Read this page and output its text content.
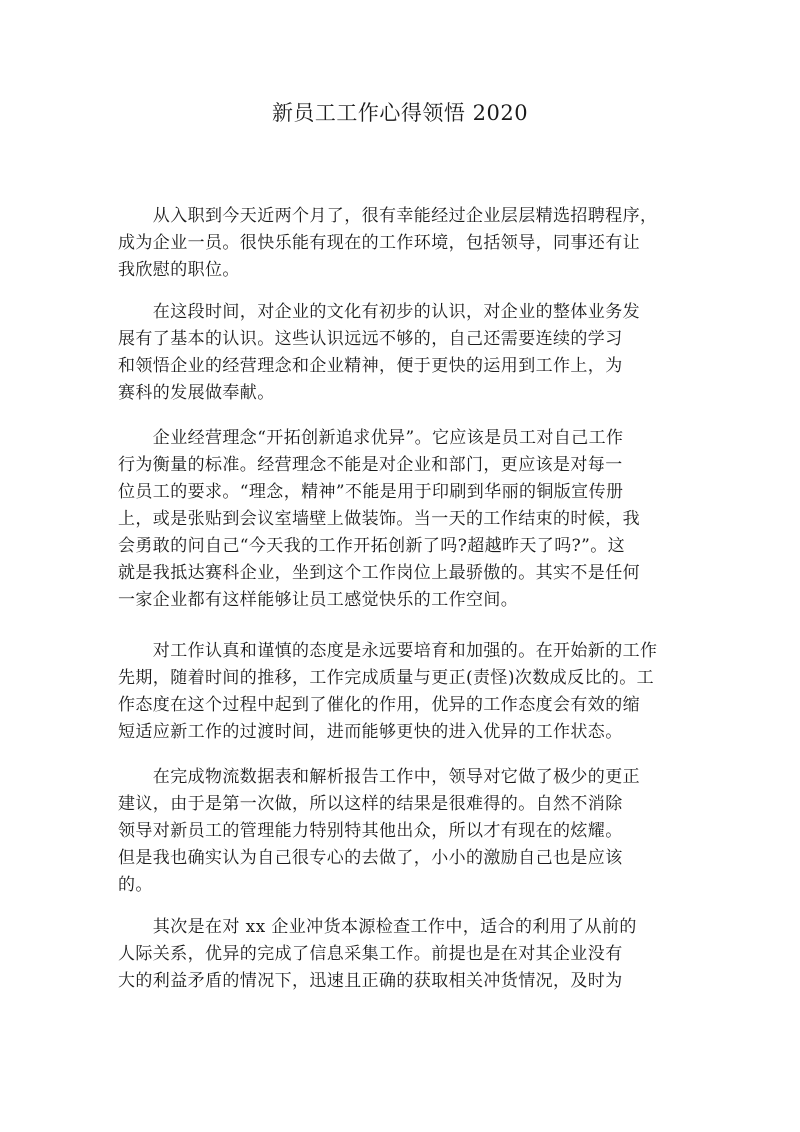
新员工工作心得领悟 2020
　　从入职到今天近两个月了，很有幸能经过企业层层精选招聘程序，
成为企业一员。很快乐能有现在的工作环境，包括领导，同事还有让
我欣慰的职位。
　　在这段时间，对企业的文化有初步的认识，对企业的整体业务发
展有了基本的认识。这些认识远远不够的，自己还需要连续的学习
和领悟企业的经营理念和企业精神，便于更快的运用到工作上，为
赛科的发展做奉献。
　　企业经营理念“开拓创新追求优异”。它应该是员工对自己工作
行为衡量的标准。经营理念不能是对企业和部门，更应该是对每一
位员工的要求。“理念，精神”不能是用于印刷到华丽的铜版宣传册
上，或是张贴到会议室墙壁上做装饰。当一天的工作结束的时候，我
会勇敢的问自己“今天我的工作开拓创新了吗?超越昨天了吗?”。这
就是我抵达赛科企业，坐到这个工作岗位上最骄傲的。其实不是任何
一家企业都有这样能够让员工感觉快乐的工作空间。
　　对工作认真和谨慎的态度是永远要培育和加强的。在开始新的工作
先期，随着时间的推移，工作完成质量与更正(责怪)次数成反比的。工
作态度在这个过程中起到了催化的作用，优异的工作态度会有效的缩
短适应新工作的过渡时间，进而能够更快的进入优异的工作状态。
　　在完成物流数据表和解析报告工作中，领导对它做了极少的更正
建议，由于是第一次做，所以这样的结果是很难得的。自然不消除
领导对新员工的管理能力特别特其他出众，所以才有现在的炫耀。
但是我也确实认为自己很专心的去做了，小小的激励自己也是应该
的。
　　其次是在对 xx 企业冲货本源检查工作中，适合的利用了从前的
人际关系，优异的完成了信息采集工作。前提也是在对其企业没有
大的利益矛盾的情况下，迅速且正确的获取相关冲货情况，及时为
